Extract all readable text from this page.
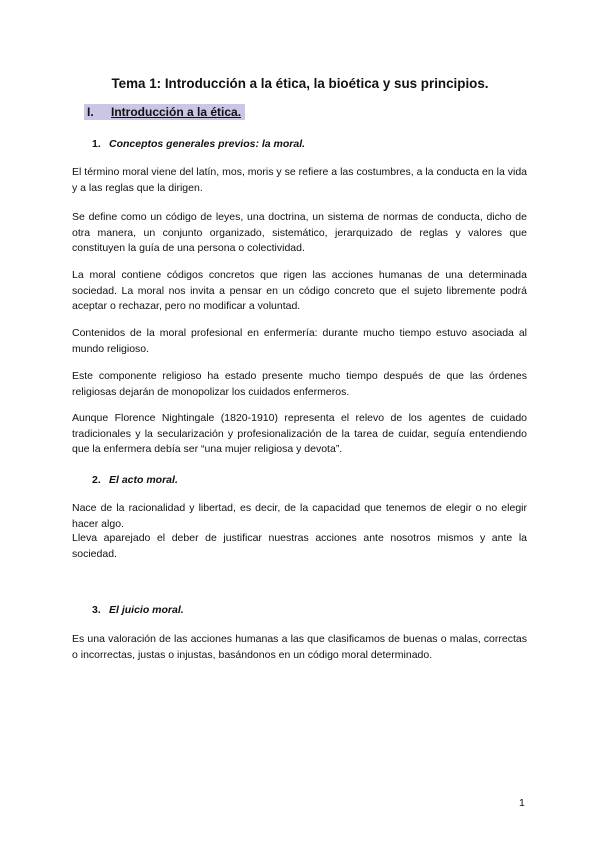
Tema 1: Introducción a la ética, la bioética y sus principios.
I. Introducción a la ética.
1. Conceptos generales previos: la moral.

El término moral viene del latín, mos, moris y se refiere a las costumbres, a la conducta en la vida y a las reglas que la dirigen.

Se define como un código de leyes, una doctrina, un sistema de normas de conducta, dicho de otra manera, un conjunto organizado, sistemático, jerarquizado de reglas y valores que constituyen la guía de una persona o colectividad.

La moral contiene códigos concretos que rigen las acciones humanas de una determinada sociedad. La moral nos invita a pensar en un código concreto que el sujeto libremente podrá aceptar o rechazar, pero no modificar a voluntad.

Contenidos de la moral profesional en enfermería: durante mucho tiempo estuvo asociada al mundo religioso.

Este componente religioso ha estado presente mucho tiempo después de que las órdenes religiosas dejarán de monopolizar los cuidados enfermeros.

Aunque Florence Nightingale (1820-1910) representa el relevo de los agentes de cuidado tradicionales y la secularización y profesionalización de la tarea de cuidar, seguía entendiendo que la enfermera debía ser “una mujer religiosa y devota”.

2. El acto moral.

Nace de la racionalidad y libertad, es decir, de la capacidad que tenemos de elegir o no elegir hacer algo.

Lleva aparejado el deber de justificar nuestras acciones ante nosotros mismos y ante la sociedad.

3. El juicio moral.

Es una valoración de las acciones humanas a las que clasificamos de buenas o malas, correctas o incorrectas, justas o injustas, basándonos en un código moral determinado.

1
